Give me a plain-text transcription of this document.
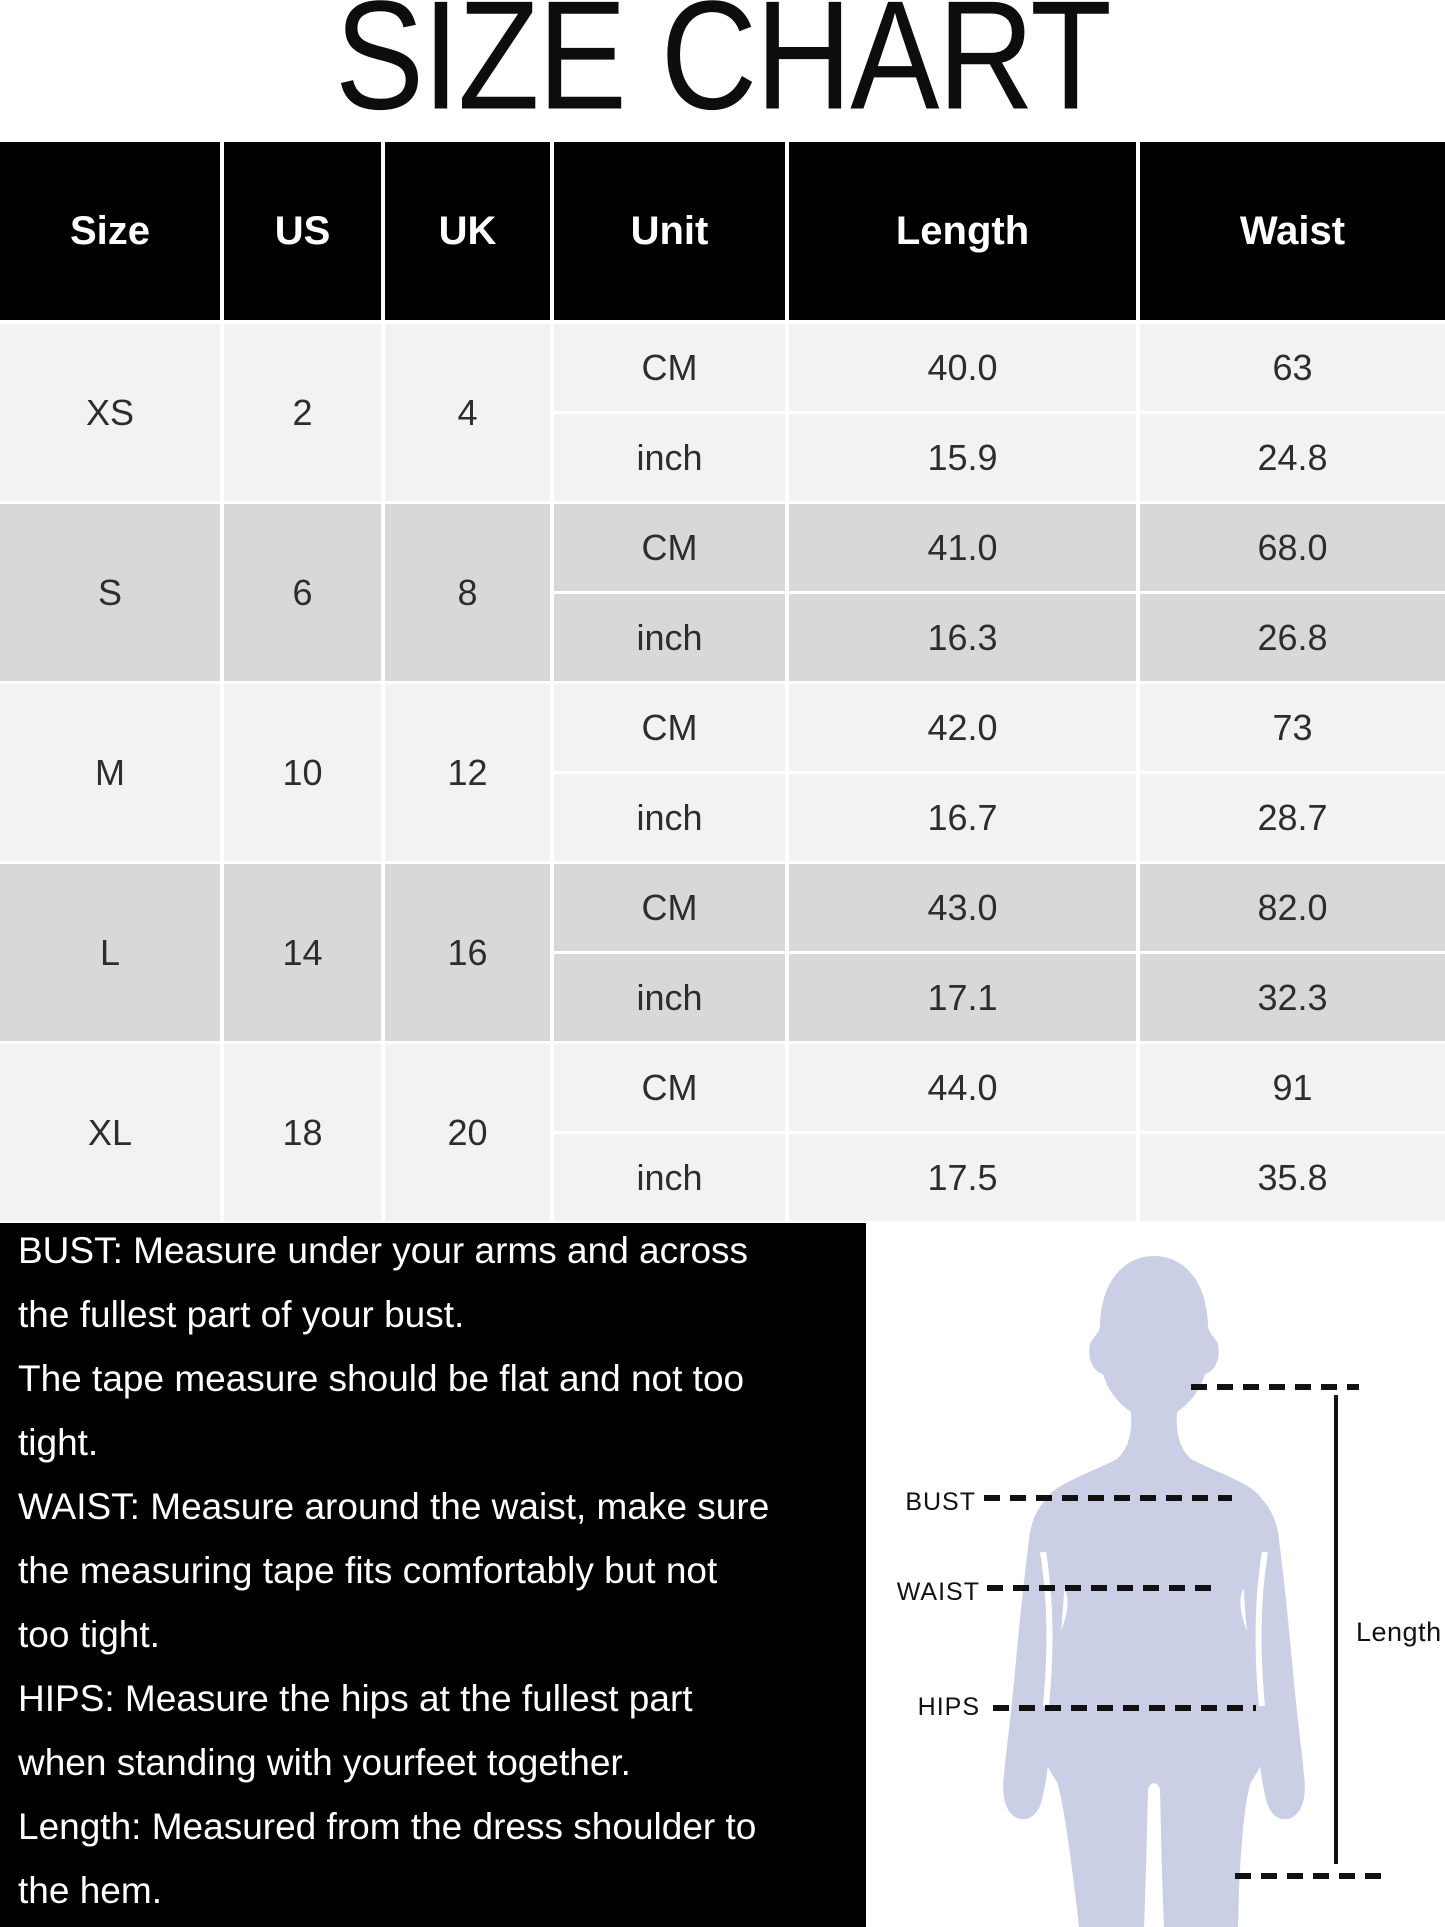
SIZE CHART
Size	US	UK	Unit	Length	Waist
XS	2	4
CM	40.0	63
inch	15.9	24.8
S	6	8
CM	41.0	68.0
inch	16.3	26.8
M	10	12
CM	42.0	73
inch	16.7	28.7
L	14	16
CM	43.0	82.0
inch	17.1	32.3
XL	18	20
CM	44.0	91
inch	17.5	35.8
BUST: Measure under your arms and across
the fullest part of your bust.
The tape measure should be flat and not too
tight.
WAIST: Measure around the waist, make sure
the measuring tape fits comfortably but not
too tight.
HIPS: Measure the hips at the fullest part
when standing with yourfeet together.
Length: Measured from the dress shoulder to
the hem.
BUST
WAIST
HIPS
Length
